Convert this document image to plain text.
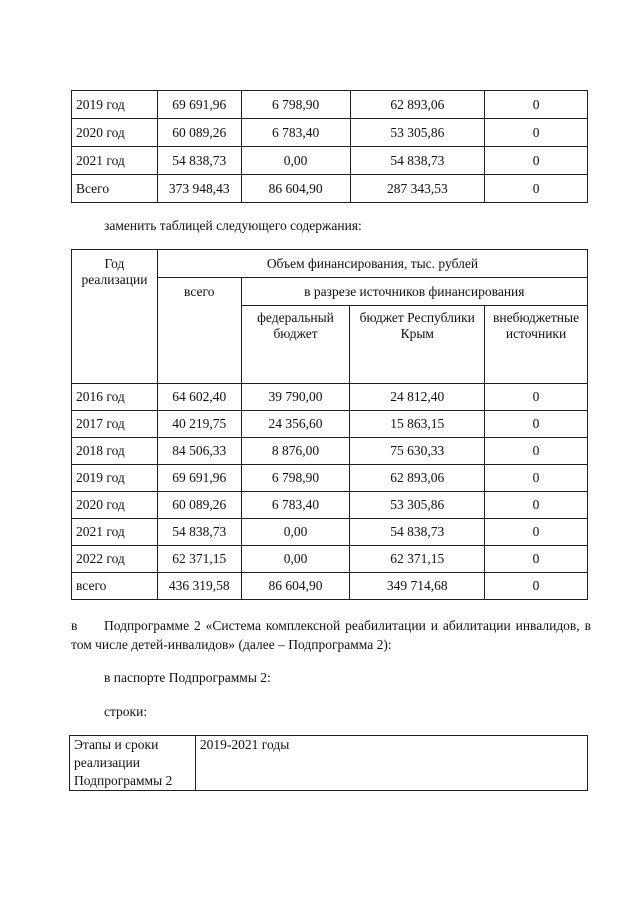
2019 год	69 691,96	6 798,90	62 893,06	0
2020 год	60 089,26	6 783,40	53 305,86	0
2021 год	54 838,73	0,00	54 838,73	0
Всего	373 948,43	86 604,90	287 343,53	0

заменить таблицей следующего содержания:

Год реализации	Объем финансирования, тыс. рублей			
	всего	в разрезе источников финансирования		
		федеральный бюджет	бюджет Республики Крым	внебюджетные источники
2016 год	64 602,40	39 790,00	24 812,40	0
2017 год	40 219,75	24 356,60	15 863,15	0
2018 год	84 506,33	8 876,00	75 630,33	0
2019 год	69 691,96	6 798,90	62 893,06	0
2020 год	60 089,26	6 783,40	53 305,86	0
2021 год	54 838,73	0,00	54 838,73	0
2022 год	62 371,15	0,00	62 371,15	0
всего	436 319,58	86 604,90	349 714,68	0

в Подпрограмме 2 «Система комплексной реабилитации и абилитации инвалидов, в том числе детей-инвалидов» (далее – Подпрограмма 2):

в паспорте Подпрограммы 2:

строки:

Этапы и сроки реализации Подпрограммы 2	2019-2021 годы
